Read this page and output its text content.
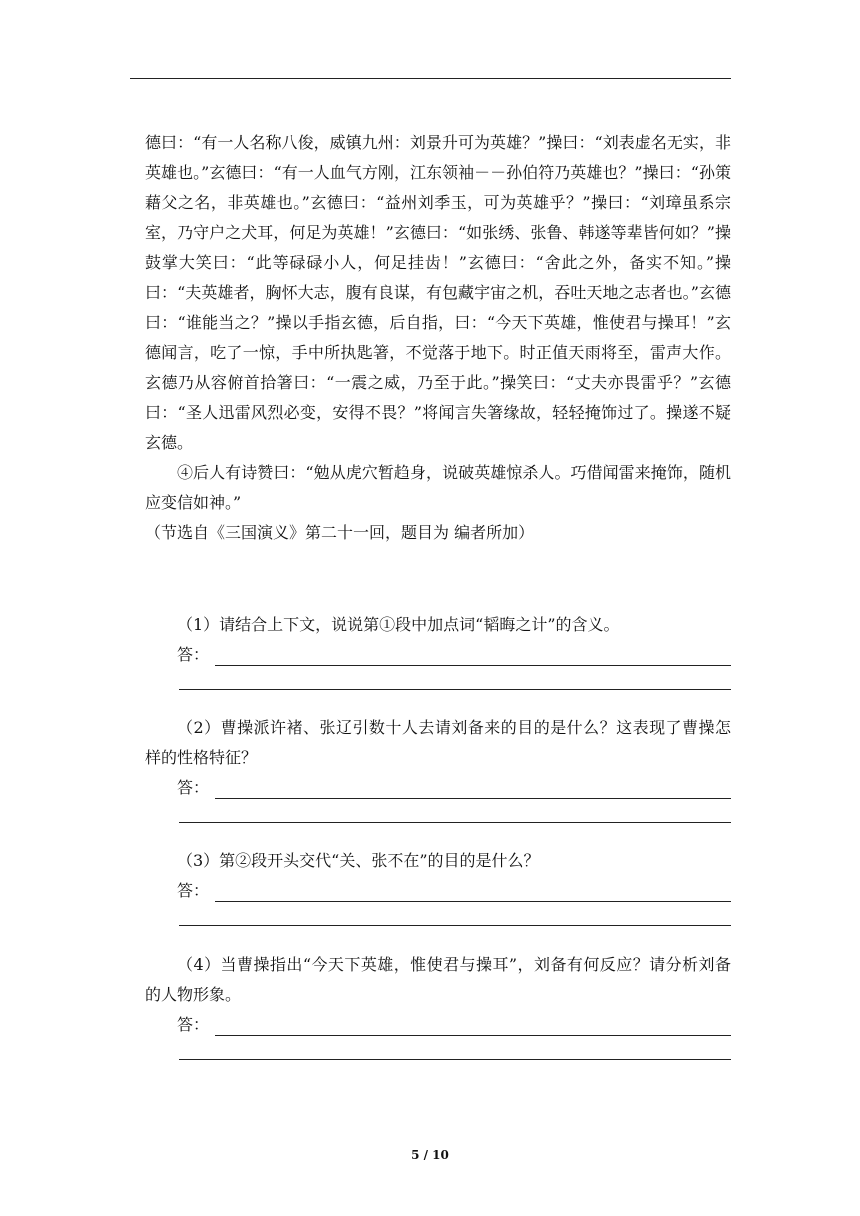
德曰：“有一人名称八俊，威镇九州：刘景升可为英雄？”操曰：“刘表虚名无实，非英雄也。”玄德曰：“有一人血气方刚，江东领袖－－孙伯符乃英雄也？”操曰：“孙策藉父之名，非英雄也。”玄德曰：“益州刘季玉，可为英雄乎？”操曰：“刘璋虽系宗室，乃守户之犬耳，何足为英雄！”玄德曰：“如张绣、张鲁、韩遂等辈皆何如？”操鼓掌大笑曰：“此等碌碌小人，何足挂齿！”玄德曰：“舍此之外，备实不知。”操曰：“夫英雄者，胸怀大志，腹有良谋，有包藏宇宙之机，吞吐天地之志者也。”玄德曰：“谁能当之？”操以手指玄德，后自指，曰：“今天下英雄，惟使君与操耳！”玄德闻言，吃了一惊，手中所执匙箸，不觉落于地下。时正值天雨将至，雷声大作。玄德乃从容俯首拾箸曰：“一震之威，乃至于此。”操笑曰：“丈夫亦畏雷乎？”玄德曰：“圣人迅雷风烈必变，安得不畏？”将闻言失箸缘故，轻轻掩饰过了。操遂不疑玄德。

④后人有诗赞曰：“勉从虎穴暂趋身，说破英雄惊杀人。巧借闻雷来掩饰，随机应变信如神。”

（节选自《三国演义》第二十一回，题目为 编者所加）

（1）请结合上下文，说说第①段中加点词“韬晦之计”的含义。

答：

（2）曹操派许褚、张辽引数十人去请刘备来的目的是什么？这表现了曹操怎样的性格特征？

答：

（3）第②段开头交代“关、张不在”的目的是什么？

答：

（4）当曹操指出“今天下英雄，惟使君与操耳”，刘备有何反应？请分析刘备的人物形象。

答：
5 / 10
